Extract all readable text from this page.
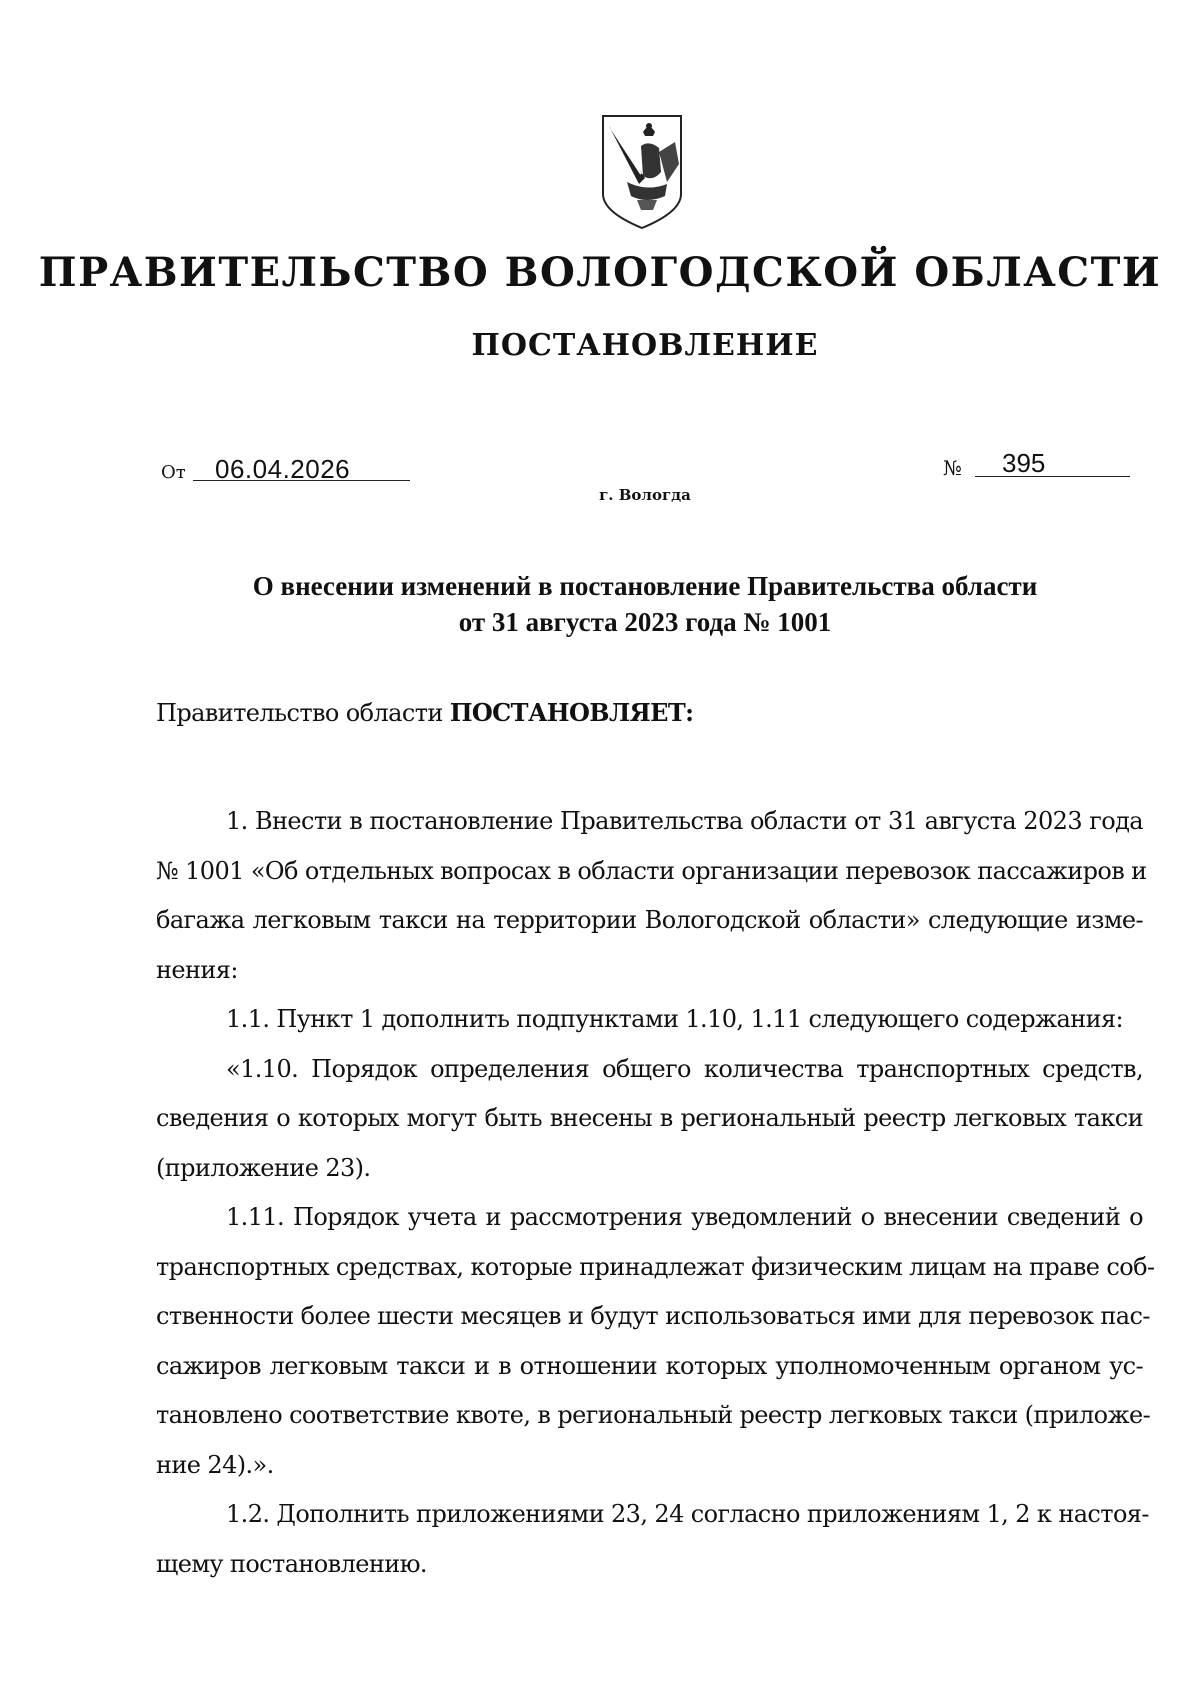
ПРАВИТЕЛЬСТВО ВОЛОГОДСКОЙ ОБЛАСТИ
ПОСТАНОВЛЕНИЕ
От 06.04.2026	№ 395
г. Вологда
О внесении изменений в постановление Правительства области
от 31 августа 2023 года № 1001
Правительство области ПОСТАНОВЛЯЕТ:
1. Внести в постановление Правительства области от 31 августа 2023 года
№ 1001 «Об отдельных вопросах в области организации перевозок пассажиров и
багажа легковым такси на территории Вологодской области» следующие изме-
нения:
1.1. Пункт 1 дополнить подпунктами 1.10, 1.11 следующего содержания:
«1.10. Порядок определения общего количества транспортных средств,
сведения о которых могут быть внесены в региональный реестр легковых такси
(приложение 23).
1.11. Порядок учета и рассмотрения уведомлений о внесении сведений о
транспортных средствах, которые принадлежат физическим лицам на праве соб-
ственности более шести месяцев и будут использоваться ими для перевозок пас-
сажиров легковым такси и в отношении которых уполномоченным органом ус-
тановлено соответствие квоте, в региональный реестр легковых такси (приложе-
ние 24).».
1.2. Дополнить приложениями 23, 24 согласно приложениям 1, 2 к настоя-
щему постановлению.
